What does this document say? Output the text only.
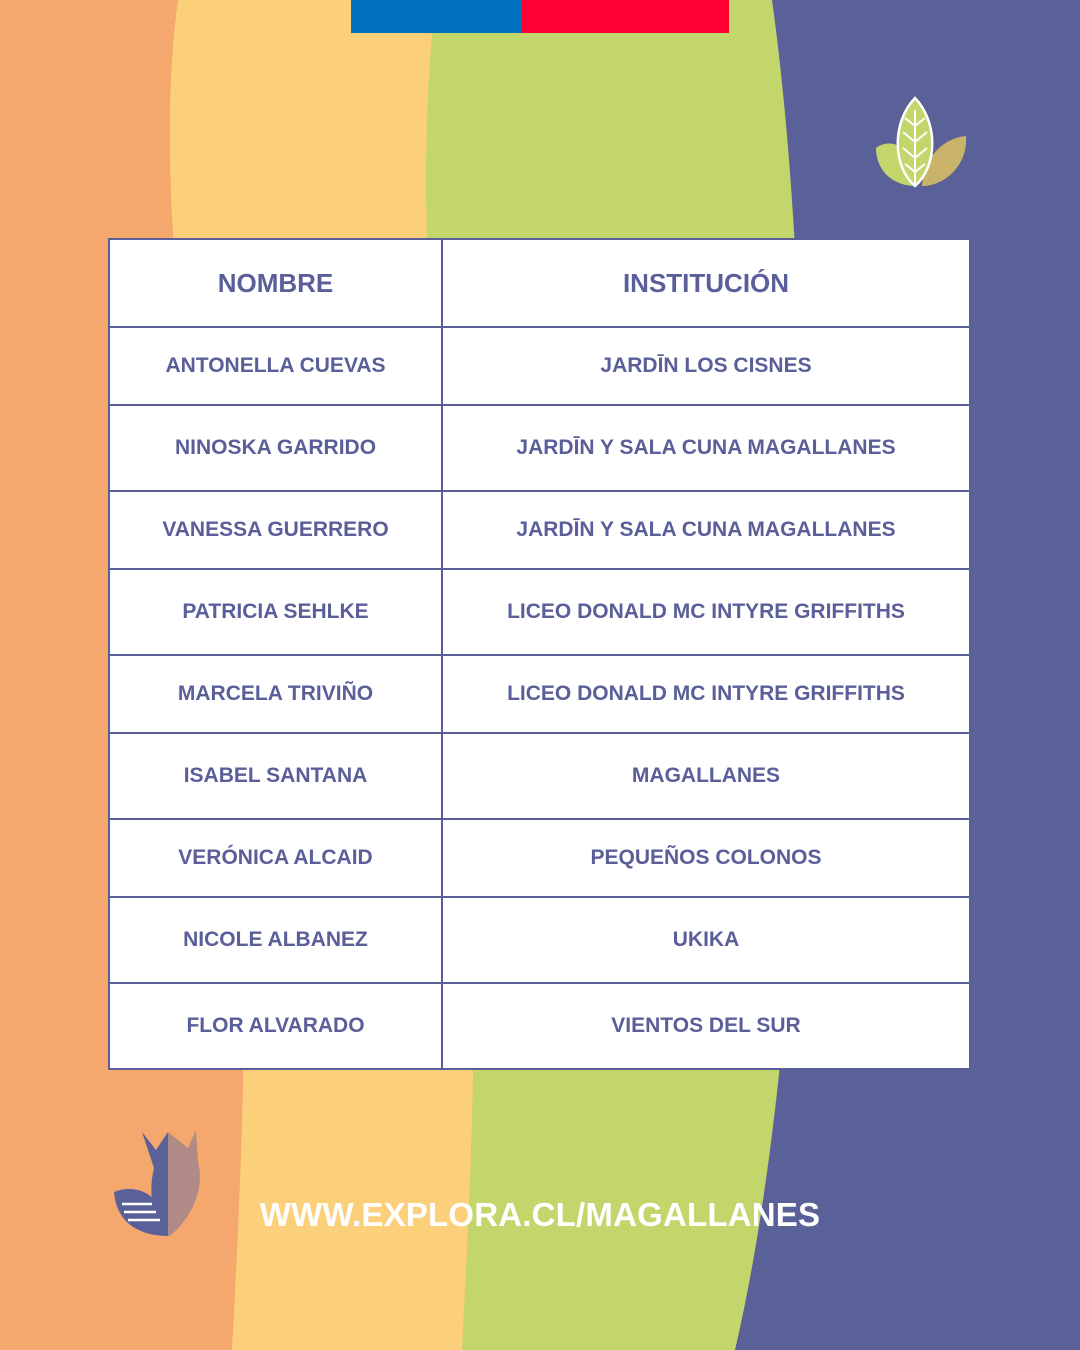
NOMBRE	INSTITUCIÓN
ANTONELLA CUEVAS	JARDĪN LOS CISNES
NINOSKA GARRIDO	JARDĪN Y SALA CUNA MAGALLANES
VANESSA GUERRERO	JARDĪN Y SALA CUNA MAGALLANES
PATRICIA SEHLKE	LICEO DONALD MC INTYRE GRIFFITHS
MARCELA TRIVIÑO	LICEO DONALD MC INTYRE GRIFFITHS
ISABEL SANTANA	MAGALLANES
VERÓNICA ALCAID	PEQUEÑOS COLONOS
NICOLE ALBANEZ	UKIKA
FLOR ALVARADO	VIENTOS DEL SUR
WWW.EXPLORA.CL/MAGALLANES
